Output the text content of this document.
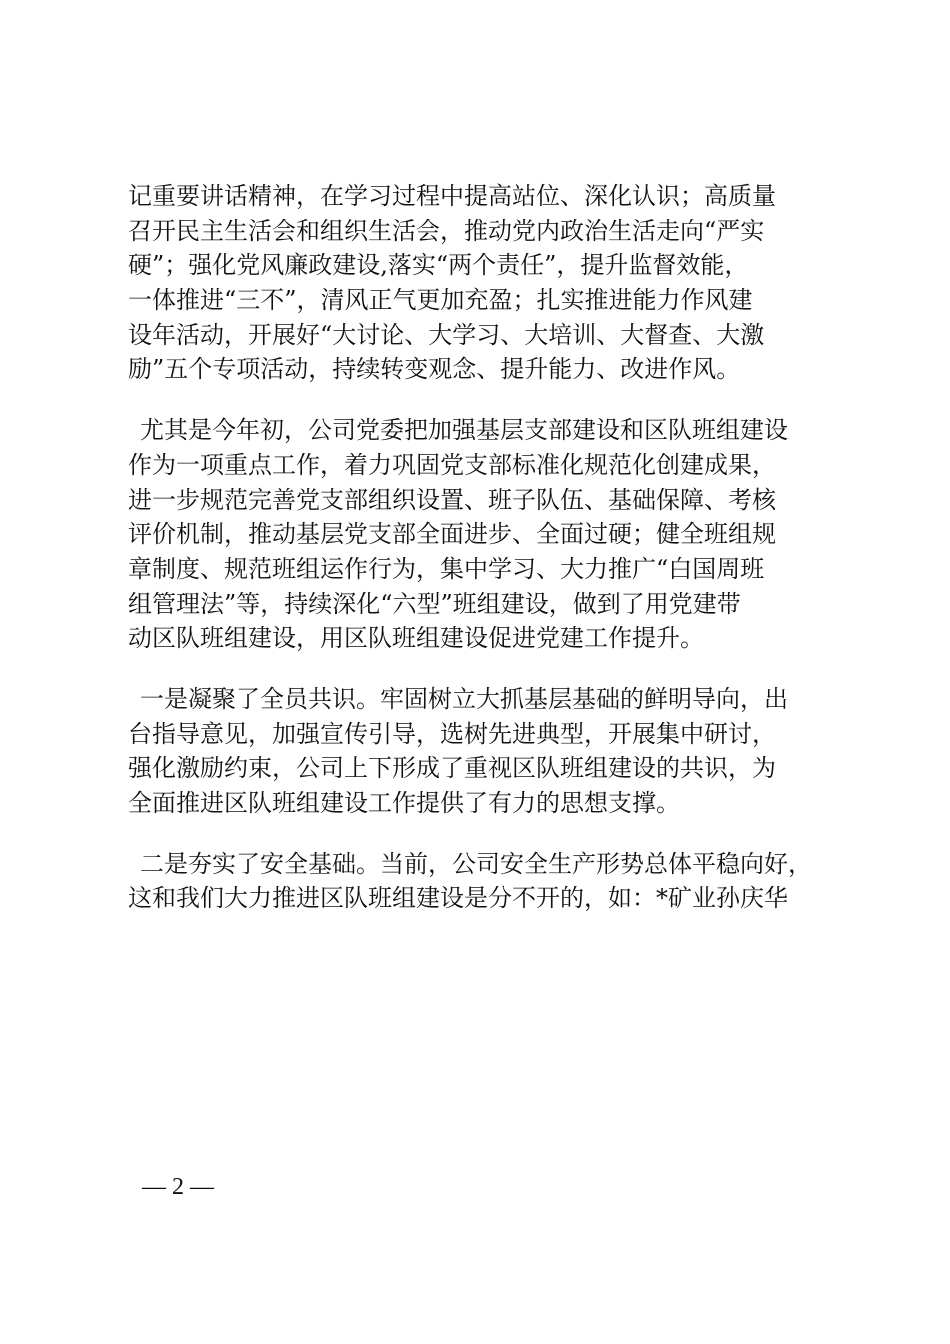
记重要讲话精神，在学习过程中提高站位、深化认识；高质量
召开民主生活会和组织生活会，推动党内政治生活走向“严实
硬”；强化党风廉政建设,落实“两个责任”，提升监督效能，
一体推进“三不”，清风正气更加充盈；扎实推进能力作风建
设年活动，开展好“大讨论、大学习、大培训、大督查、大激
励”五个专项活动，持续转变观念、提升能力、改进作风。

尤其是今年初，公司党委把加强基层支部建设和区队班组建设
作为一项重点工作，着力巩固党支部标准化规范化创建成果，
进一步规范完善党支部组织设置、班子队伍、基础保障、考核
评价机制，推动基层党支部全面进步、全面过硬；健全班组规
章制度、规范班组运作行为，集中学习、大力推广“白国周班
组管理法”等，持续深化“六型”班组建设，做到了用党建带
动区队班组建设，用区队班组建设促进党建工作提升。

一是凝聚了全员共识。牢固树立大抓基层基础的鲜明导向，出
台指导意见，加强宣传引导，选树先进典型，开展集中研讨，
强化激励约束，公司上下形成了重视区队班组建设的共识，为
全面推进区队班组建设工作提供了有力的思想支撑。

二是夯实了安全基础。当前，公司安全生产形势总体平稳向好，
这和我们大力推进区队班组建设是分不开的，如：*矿业孙庆华

— 2 —
